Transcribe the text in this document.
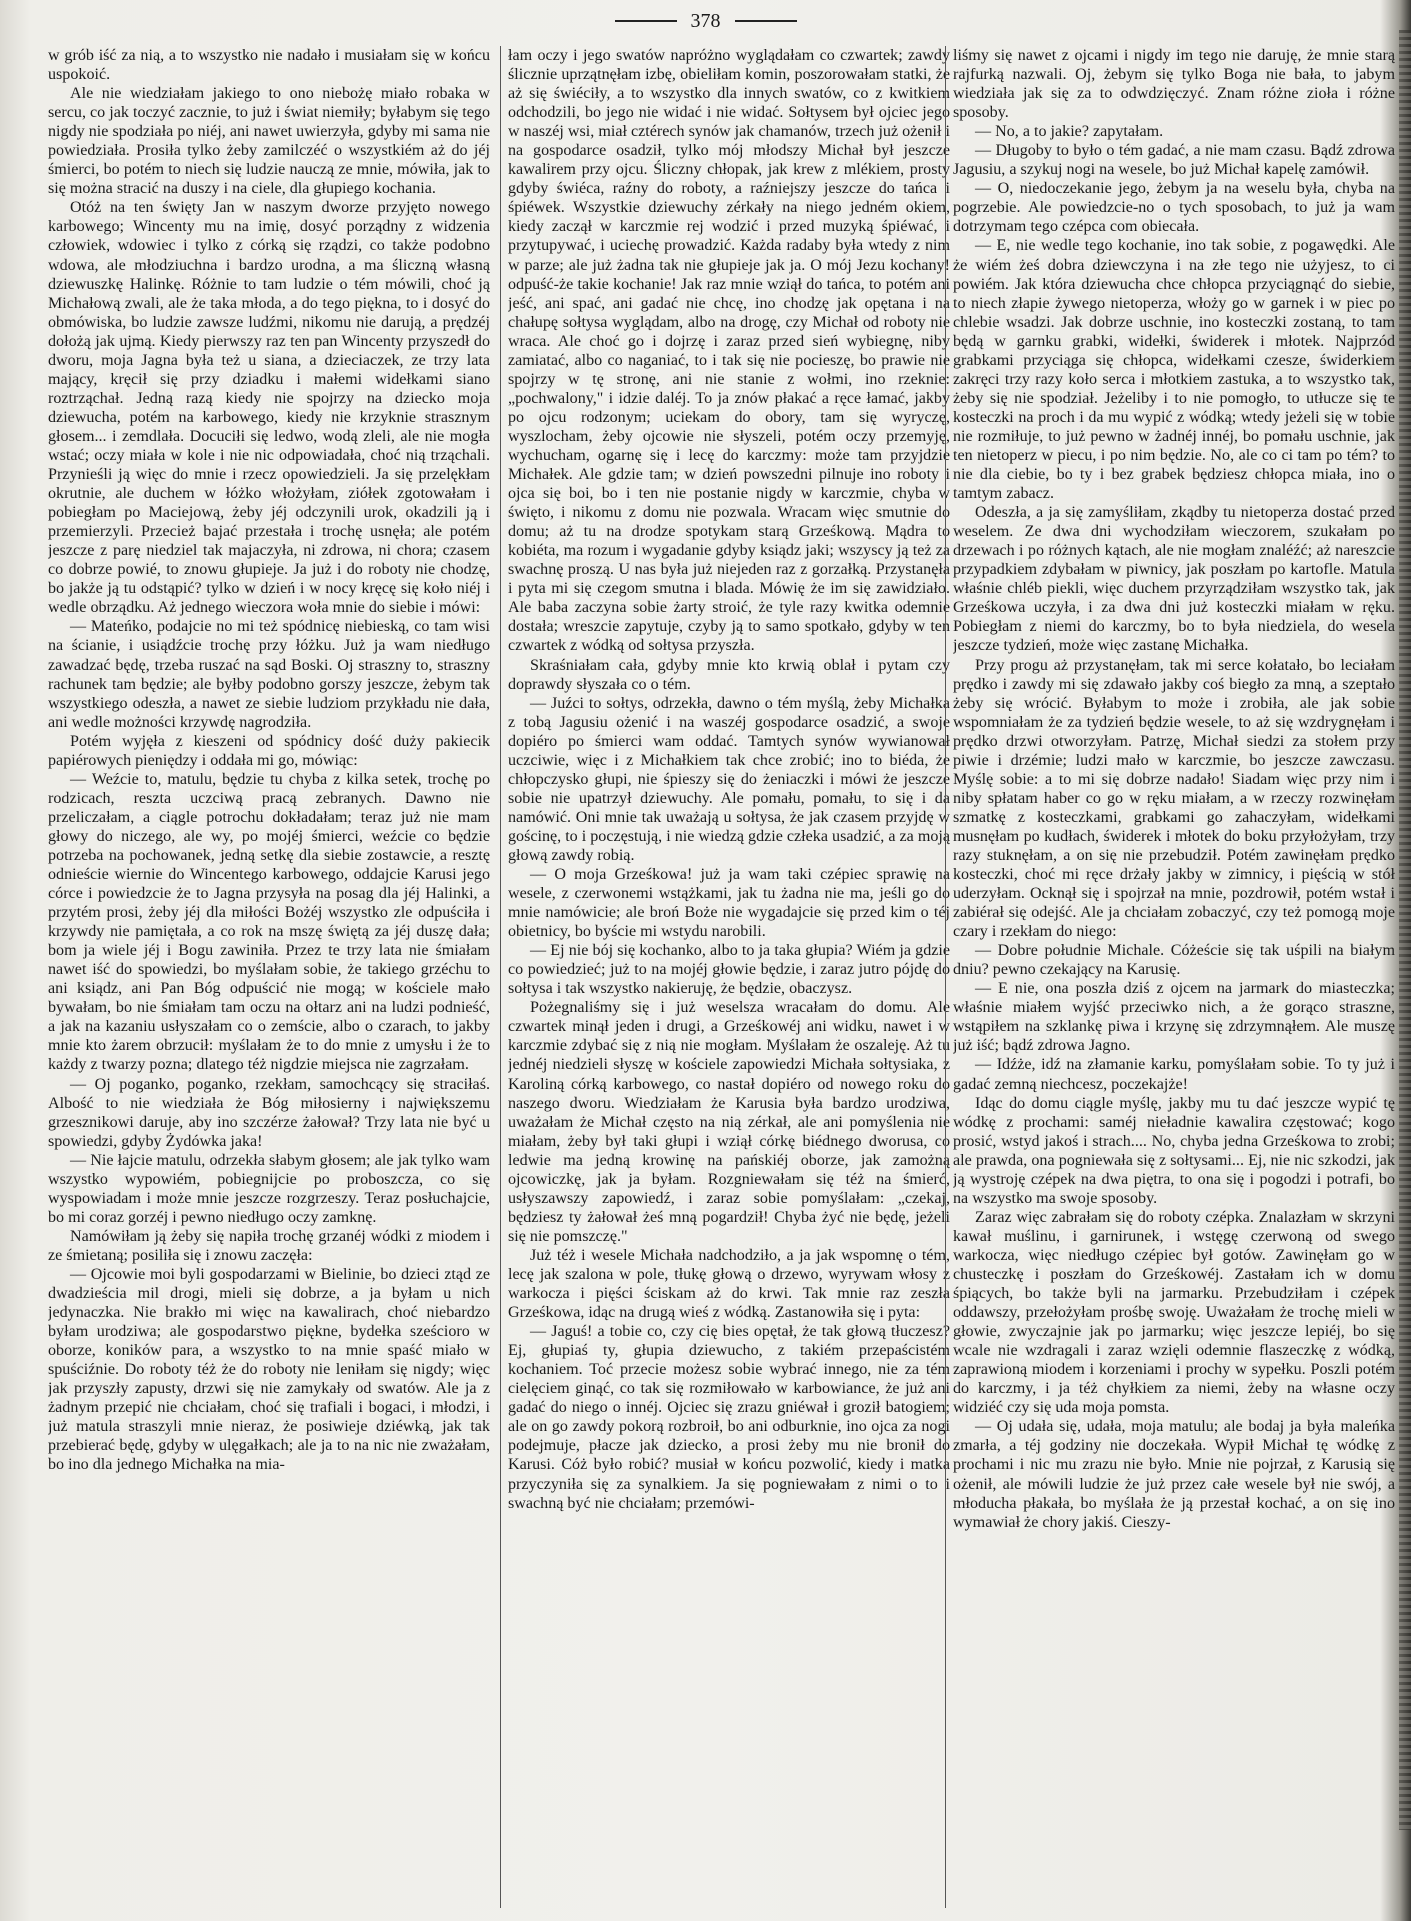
378

w grób iść za nią, a to wszystko nie nadało i musiałam się w końcu uspokoić.

Ale nie wiedziałam jakiego to ono niebożę miało robaka w sercu, co jak toczyć zacznie, to już i świat niemiły; byłabym się tego nigdy nie spodziała po niéj, ani nawet uwierzyła, gdyby mi sama nie powiedziała. Prosiła tylko żeby zamilczéć o wszystkiém aż do jéj śmierci, bo potém to niech się ludzie nauczą ze mnie, mówiła, jak to się można stracić na duszy i na ciele, dla głupiego kochania.

Otóż na ten święty Jan w naszym dworze przyjęto nowego karbowego; Wincenty mu na imię, dosyć porządny z widzenia człowiek, wdowiec i tylko z córką się rządzi, co także podobno wdowa, ale młodziuchna i bardzo urodna, a ma śliczną własną dziewuszkę Halinkę. Różnie to tam ludzie o tém mówili, choć ją Michałową zwali, ale że taka młoda, a do tego piękna, to i dosyć do obmówiska, bo ludzie zawsze ludźmi, nikomu nie darują, a prędzéj dołożą jak ujmą. Kiedy pierwszy raz ten pan Wincenty przyszedł do dworu, moja Jagna była też u siana, a dzieciaczek, ze trzy lata mający, kręcił się przy dziadku i małemi widełkami siano roztrząchał. Jedną razą kiedy nie spojrzy na dziecko moja dziewucha, potém na karbowego, kiedy nie krzyknie strasznym głosem... i zemdlała. Docuciłi się ledwo, wodą zleli, ale nie mogła wstać; oczy miała w kole i nie nic odpowiadała, choć nią trząchali. Przynieśli ją więc do mnie i rzecz opowiedzieli. Ja się przelękłam okrutnie, ale duchem w łóżko włożyłam, ziółek zgotowałam i pobiegłam po Maciejową, żeby jéj odczynili urok, okadzili ją i przemierzyli. Przecież bajać przestała i trochę usnęła; ale potém jeszcze z parę niedziel tak majaczyła, ni zdrowa, ni chora; czasem co dobrze powié, to znowu głupieje. Ja już i do roboty nie chodzę, bo jakże ją tu odstąpić? tylko w dzień i w nocy kręcę się koło niéj i wedle obrządku. Aż jednego wieczora woła mnie do siebie i mówi:

— Mateńko, podajcie no mi też spódnicę niebieską, co tam wisi na ścianie, i usiądźcie trochę przy łóżku. Już ja wam niedługo zawadzać będę, trzeba ruszać na sąd Boski. Oj straszny to, straszny rachunek tam będzie; ale byłby podobno gorszy jeszcze, żebym tak wszystkiego odeszła, a nawet ze siebie ludziom przykładu nie dała, ani wedle możności krzywdę nagrodziła.

Potém wyjęła z kieszeni od spódnicy dość duży pakiecik papiérowych pieniędzy i oddała mi go, mówiąc:

— Weźcie to, matulu, będzie tu chyba z kilka setek, trochę po rodzicach, reszta uczciwą pracą zebranych. Dawno nie przeliczałam, a ciągle potrochu dokładałam; teraz już nie mam głowy do niczego, ale wy, po mojéj śmierci, weźcie co będzie potrzeba na pochowanek, jedną setkę dla siebie zostawcie, a resztę odnieście wiernie do Wincentego karbowego, oddajcie Karusi jego córce i powiedzcie że to Jagna przysyła na posag dla jéj Halinki, a przytém prosi, żeby jéj dla miłości Bożéj wszystko zle odpuściła i krzywdy nie pamiętała, a co rok na mszę świętą za jéj duszę dała; bom ja wiele jéj i Bogu zawiniła. Przez te trzy lata nie śmiałam nawet iść do spowiedzi, bo myślałam sobie, że takiego grzéchu to ani ksiądz, ani Pan Bóg odpuścić nie mogą; w kościele mało bywałam, bo nie śmiałam tam oczu na ołtarz ani na ludzi podnieść, a jak na kazaniu usłyszałam co o zemście, albo o czarach, to jakby mnie kto żarem obrzucił: myślałam że to do mnie z umysłu i że to każdy z twarzy pozna; dlatego téż nigdzie miejsca nie zagrzałam.

— Oj poganko, poganko, rzekłam, samochcący się straciłaś. Albość to nie wiedziała że Bóg miłosierny i największemu grzesznikowi daruje, aby ino szczérze żałował? Trzy lata nie być u spowiedzi, gdyby Żydówka jaka!

— Nie łajcie matulu, odrzekła słabym głosem; ale jak tylko wam wszystko wypowiém, pobiegnijcie po proboszcza, co się wyspowiadam i może mnie jeszcze rozgrzeszy. Teraz posłuchajcie, bo mi coraz gorzéj i pewno niedługo oczy zamknę.

Namówiłam ją żeby się napiła trochę grzanéj wódki z miodem i ze śmietaną; posiliła się i znowu zaczęła:

— Ojcowie moi byli gospodarzami w Bielinie, bo dzieci ztąd ze dwadzieścia mil drogi, mieli się dobrze, a ja byłam u nich jedynaczka. Nie brakło mi więc na kawalirach, choć niebardzo byłam urodziwa; ale gospodarstwo piękne, bydełka sześcioro w oborze, koników para, a wszystko to na mnie spaść miało w spuściźnie. Do roboty téż że do roboty nie leniłam się nigdy; więc jak przyszły zapusty, drzwi się nie zamykały od swatów. Ale ja z żadnym przepić nie chciałam, choć się trafiali i bogaci, i młodzi, i już matula straszyli mnie nieraz, że posiwieje dziéwką, jak tak przebierać będę, gdyby w ulęgałkach; ale ja to na nic nie zważałam, bo ino dla jednego Michałka na mia-

łam oczy i jego swatów napróżno wyglądałam co czwartek; zawdy ślicznie uprzątnęłam izbę, obieliłam komin, poszorowałam statki, że aż się świéciły, a to wszystko dla innych swatów, co z kwitkiem odchodzili, bo jego nie widać i nie widać. Sołtysem był ojciec jego w naszéj wsi, miał cztérech synów jak chamanów, trzech już ożenił i na gospodarce osadził, tylko mój młodszy Michał był jeszcze kawalirem przy ojcu. Śliczny chłopak, jak krew z mlékiem, prosty gdyby świéca, raźny do roboty, a raźniejszy jeszcze do tańca i śpiéwek. Wszystkie dziewuchy zérkały na niego jedném okiem, kiedy zaczął w karczmie rej wodzić i przed muzyką śpiéwać, i przytupywać, i uciechę prowadzić. Każda radaby była wtedy z nim w parze; ale już żadna tak nie głupieje jak ja. O mój Jezu kochany! odpuść-że takie kochanie! Jak raz mnie wziął do tańca, to potém ani jeść, ani spać, ani gadać nie chcę, ino chodzę jak opętana i na chałupę sołtysa wyglądam, albo na drogę, czy Michał od roboty nie wraca. Ale choć go i dojrzę i zaraz przed sień wybiegnę, niby zamiatać, albo co naganiać, to i tak się nie pocieszę, bo prawie nie spojrzy w tę stronę, ani nie stanie z wołmi, ino rzeknie: „pochwalony," i idzie daléj. To ja znów płakać a ręce łamać, jakby po ojcu rodzonym; uciekam do obory, tam się wyryczę, wyszlocham, żeby ojcowie nie słyszeli, potém oczy przemyję, wychucham, ogarnę się i lecę do karczmy: może tam przyjdzie Michałek. Ale gdzie tam; w dzień powszedni pilnuje ino roboty i ojca się boi, bo i ten nie postanie nigdy w karczmie, chyba w święto, i nikomu z domu nie pozwala. Wracam więc smutnie do domu; aż tu na drodze spotykam starą Grześkową. Mądra to kobiéta, ma rozum i wygadanie gdyby ksiądz jaki; wszyscy ją też za swachnę proszą. U nas była już niejeden raz z gorzałką. Przystanęła i pyta mi się czegom smutna i blada. Mówię że im się zawidziało. Ale baba zaczyna sobie żarty stroić, że tyle razy kwitka odemnie dostała; wreszcie zapytuje, czyby ją to samo spotkało, gdyby w ten czwartek z wódką od sołtysa przyszła.

Skraśniałam cała, gdyby mnie kto krwią oblał i pytam czy doprawdy słyszała co o tém.

— Juźci to sołtys, odrzekła, dawno o tém myślą, żeby Michałka z tobą Jagusiu ożenić i na waszéj gospodarce osadzić, a swoje dopiéro po śmierci wam oddać. Tamtych synów wywianował uczciwie, więc i z Michałkiem tak chce zrobić; ino to biéda, że chłopczysko głupi, nie śpieszy się do żeniaczki i mówi że jeszcze sobie nie upatrzył dziewuchy. Ale pomału, pomału, to się i da namówić. Oni mnie tak uważają u sołtysa, że jak czasem przyjdę w gościnę, to i poczęstują, i nie wiedzą gdzie człeka usadzić, a za moją głową zawdy robią.

— O moja Grześkowa! już ja wam taki czépiec sprawię na wesele, z czerwonemi wstążkami, jak tu żadna nie ma, jeśli go do mnie namówicie; ale broń Boże nie wygadajcie się przed kim o téj obietnicy, bo byście mi wstydu narobili.

— Ej nie bój się kochanko, albo to ja taka głupia? Wiém ja gdzie co powiedzieć; już to na mojéj głowie będzie, i zaraz jutro pójdę do sołtysa i tak wszystko nakieruję, że będzie, obaczysz.

Pożegnaliśmy się i już weselsza wracałam do domu. Ale czwartek minął jeden i drugi, a Grześkowéj ani widku, nawet i w karczmie zdybać się z nią nie mogłam. Myślałam że oszaleję. Aż tu jednéj niedzieli słyszę w kościele zapowiedzi Michała sołtysiaka, z Karoliną córką karbowego, co nastał dopiéro od nowego roku do naszego dworu. Wiedziałam że Karusia była bardzo urodziwa, uważałam że Michał często na nią zérkał, ale ani pomyślenia nie miałam, żeby był taki głupi i wziął córkę biédnego dworusa, co ledwie ma jedną krowinę na pańskiéj oborze, jak zamożną ojcowiczkę, jak ja byłam. Rozgniewałam się téż na śmierć, usłyszawszy zapowiedź, i zaraz sobie pomyślałam: „czekaj, będziesz ty żałował żeś mną pogardził! Chyba żyć nie będę, jeżeli się nie pomszczę."

Już téż i wesele Michała nadchodziło, a ja jak wspomnę o tém, lecę jak szalona w pole, tłukę głową o drzewo, wyrywam włosy z warkocza i pięści ściskam aż do krwi. Tak mnie raz zeszła Grześkowa, idąc na drugą wieś z wódką. Zastanowiła się i pyta:

— Jaguś! a tobie co, czy cię bies opętał, że tak głową tłuczesz? Ej, głupiaś ty, głupia dziewucho, z takiém przepaścistém kochaniem. Toć przecie możesz sobie wybrać innego, nie za tém cielęciem ginąć, co tak się rozmiłowało w karbowiance, że już ani gadać do niego o innéj. Ojciec się zrazu gniéwał i groził batogiem; ale on go zawdy pokorą rozbroił, bo ani odburknie, ino ojca za nogi podejmuje, płacze jak dziecko, a prosi żeby mu nie bronił do Karusi. Cóż było robić? musiał w końcu pozwolić, kiedy i matka przyczyniła się za synalkiem. Ja się pogniewałam z nimi o to i swachną być nie chciałam; przemówi-

liśmy się nawet z ojcami i nigdy im tego nie daruję, że mnie starą rajfurką nazwali. Oj, żebym się tylko Boga nie bała, to jabym wiedziała jak się za to odwdzięczyć. Znam różne zioła i różne sposoby.

— No, a to jakie? zapytałam.

— Długoby to było o tém gadać, a nie mam czasu. Bądź zdrowa Jagusiu, a szykuj nogi na wesele, bo już Michał kapelę zamówił.

— O, niedoczekanie jego, żebym ja na weselu była, chyba na pogrzebie. Ale powiedzcie-no o tych sposobach, to już ja wam dotrzymam tego czépca com obiecała.

— E, nie wedle tego kochanie, ino tak sobie, z pogawędki. Ale że wiém żeś dobra dziewczyna i na złe tego nie użyjesz, to ci powiém. Jak która dziewucha chce chłopca przyciągnąć do siebie, to niech złapie żywego nietoperza, włoży go w garnek i w piec po chlebie wsadzi. Jak dobrze uschnie, ino kosteczki zostaną, to tam będą w garnku grabki, widełki, świderek i młotek. Najprzód grabkami przyciąga się chłopca, widełkami czesze, świderkiem zakręci trzy razy koło serca i młotkiem zastuka, a to wszystko tak, żeby się nie spodział. Jeżeliby i to nie pomogło, to utłucze się te kosteczki na proch i da mu wypić z wódką; wtedy jeżeli się w tobie nie rozmiłuje, to już pewno w żadnéj innéj, bo pomału uschnie, jak ten nietoperz w piecu, i po nim będzie. No, ale co ci tam po tém? to nie dla ciebie, bo ty i bez grabek będziesz chłopca miała, ino o tamtym zabacz.

Odeszła, a ja się zamyśliłam, zkądby tu nietoperza dostać przed weselem. Ze dwa dni wychodziłam wieczorem, szukałam po drzewach i po różnych kątach, ale nie mogłam znaléźć; aż nareszcie przypadkiem zdybałam w piwnicy, jak poszłam po kartofle. Matula właśnie chléb piekli, więc duchem przyrządziłam wszystko tak, jak Grześkowa uczyła, i za dwa dni już kosteczki miałam w ręku. Pobiegłam z niemi do karczmy, bo to była niedziela, do wesela jeszcze tydzień, może więc zastanę Michałka.

Przy progu aż przystanęłam, tak mi serce kołatało, bo leciałam prędko i zawdy mi się zdawało jakby coś biegło za mną, a szeptało żeby się wrócić. Byłabym to może i zrobiła, ale jak sobie wspomniałam że za tydzień będzie wesele, to aż się wzdrygnęłam i prędko drzwi otworzyłam. Patrzę, Michał siedzi za stołem przy piwie i drzémie; ludzi mało w karczmie, bo jeszcze zawczasu. Myślę sobie: a to mi się dobrze nadało! Siadam więc przy nim i niby spłatam haber co go w ręku miałam, a w rzeczy rozwinęłam szmatkę z kosteczkami, grabkami go zahaczyłam, widełkami musnęłam po kudłach, świderek i młotek do boku przyłożyłam, trzy razy stuknęłam, a on się nie przebudził. Potém zawinęłam prędko kosteczki, choć mi ręce drżały jakby w zimnicy, i pięścią w stół uderzyłam. Ocknął się i spojrzał na mnie, pozdrowił, potém wstał i zabiérał się odejść. Ale ja chciałam zobaczyć, czy też pomogą moje czary i rzekłam do niego:

— Dobre południe Michale. Cóżeście się tak uśpili na białym dniu? pewno czekający na Karusię.

— E nie, ona poszła dziś z ojcem na jarmark do miasteczka; właśnie miałem wyjść przeciwko nich, a że gorąco straszne, wstąpiłem na szklankę piwa i krzynę się zdrzymnąłem. Ale muszę już iść; bądź zdrowa Jagno.

— Idźże, idź na złamanie karku, pomyślałam sobie. To ty już i gadać zemną niechcesz, poczekajże!

Idąc do domu ciągle myślę, jakby mu tu dać jeszcze wypić tę wódkę z prochami: saméj nieładnie kawalira częstować; kogo prosić, wstyd jakoś i strach.... No, chyba jedna Grześkowa to zrobi; ale prawda, ona pogniewała się z sołtysami... Ej, nie nic szkodzi, jak ją wystroję czépek na dwa piętra, to ona się i pogodzi i potrafi, bo na wszystko ma swoje sposoby.

Zaraz więc zabrałam się do roboty czépka. Znalazłam w skrzyni kawał muślinu, i garnirunek, i wstęgę czerwoną od swego warkocza, więc niedługo czépiec był gotów. Zawinęłam go w chusteczkę i poszłam do Grześkowéj. Zastałam ich w domu śpiących, bo także byli na jarmarku. Przebudziłam i czépek oddawszy, przełożyłam prośbę swoję. Uważałam że trochę mieli w głowie, zwyczajnie jak po jarmarku; więc jeszcze lepiéj, bo się wcale nie wzdragali i zaraz wzięli odemnie flaszeczkę z wódką, zaprawioną miodem i korzeniami i prochy w sypełku. Poszli potém do karczmy, i ja téż chyłkiem za niemi, żeby na własne oczy widziéć czy się uda moja pomsta.

— Oj udała się, udała, moja matulu; ale bodaj ja była maleńka zmarła, a téj godziny nie doczekała. Wypił Michał tę wódkę z prochami i nic mu zrazu nie było. Mnie nie pojrzał, z Karusią się ożenił, ale mówili ludzie że już przez całe wesele był nie swój, a młoducha płakała, bo myślała że ją przestał kochać, a on się ino wymawiał że chory jakiś. Cieszy-
